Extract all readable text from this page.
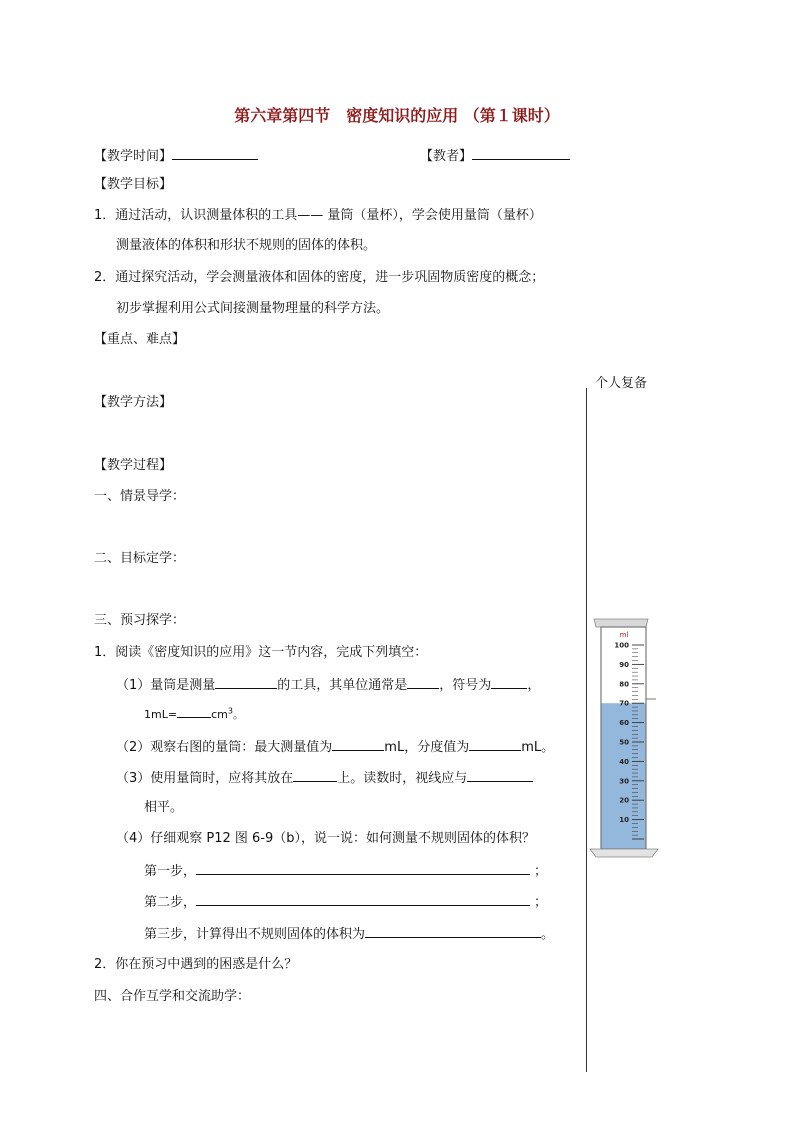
第六章第四节　密度知识的应用 （第１课时）
【教学时间】	【教者】
【教学目标】
1．通过活动，认识测量体积的工具—— 量筒（量杯），学会使用量筒（量杯）
测量液体的体积和形状不规则的固体的体积。
2．通过探究活动，学会测量液体和固体的密度，进一步巩固物质密度的概念；
初步掌握利用公式间接测量物理量的科学方法。
【重点、难点】
个人复备
【教学方法】
【教学过程】
一、情景导学：
二、目标定学：
三、预习探学：
1．阅读《密度知识的应用》这一节内容，完成下列填空：
（1）量筒是测量	的工具，其单位通常是 ，符号为	，
1mL=	$cm^3$。
（2）观察右图的量筒：最大测量值为	mL，分度值为	mL。
（3）使用量筒时，应将其放在	上。读数时，视线应与
相平。
（4）仔细观察 P12 图 6-9（b），说一说：如何测量不规则固体的体积？
第一步，	；
第二步，	；
第三步，计算得出不规则固体的体积为	。
2．你在预习中遇到的困惑是什么？
四、合作互学和交流助学：
ml
100
90
80
70
60
50
40
30
20
10
